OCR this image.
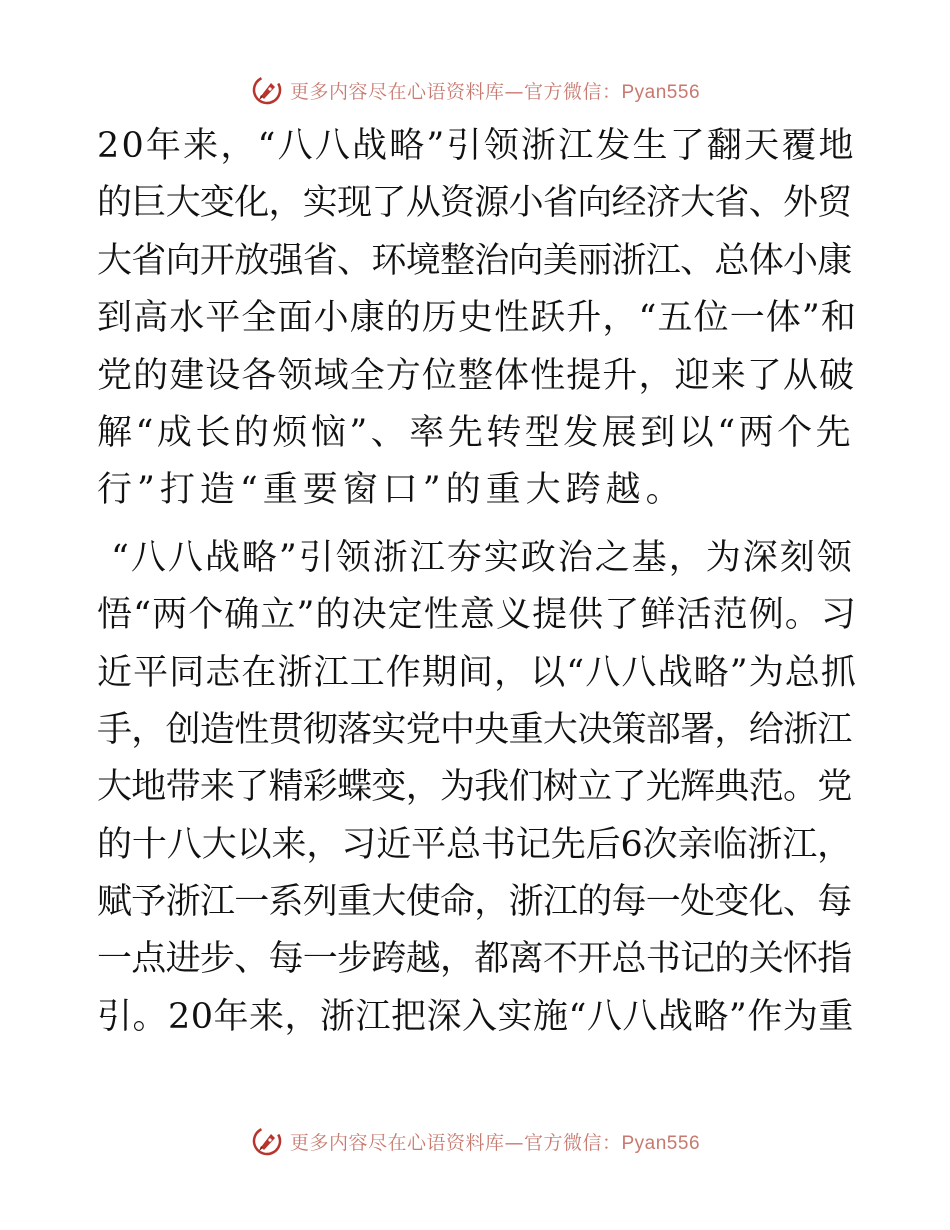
更多内容尽在心语资料库—官方微信：Pyan556
20年来，“八八战略”引领浙江发生了翻天覆地
的巨大变化，实现了从资源小省向经济大省、外贸
大省向开放强省、环境整治向美丽浙江、总体小康
到高水平全面小康的历史性跃升，“五位一体”和
党的建设各领域全方位整体性提升，迎来了从破
解“成长的烦恼”、率先转型发展到以“两个先
行”打造“重要窗口”的重大跨越。
“八八战略”引领浙江夯实政治之基，为深刻领
悟“两个确立”的决定性意义提供了鲜活范例。习
近平同志在浙江工作期间，以“八八战略”为总抓
手，创造性贯彻落实党中央重大决策部署，给浙江
大地带来了精彩蝶变，为我们树立了光辉典范。党
的十八大以来，习近平总书记先后6次亲临浙江，
赋予浙江一系列重大使命，浙江的每一处变化、每
一点进步、每一步跨越，都离不开总书记的关怀指
引。20年来，浙江把深入实施“八八战略”作为重
更多内容尽在心语资料库—官方微信：Pyan556
